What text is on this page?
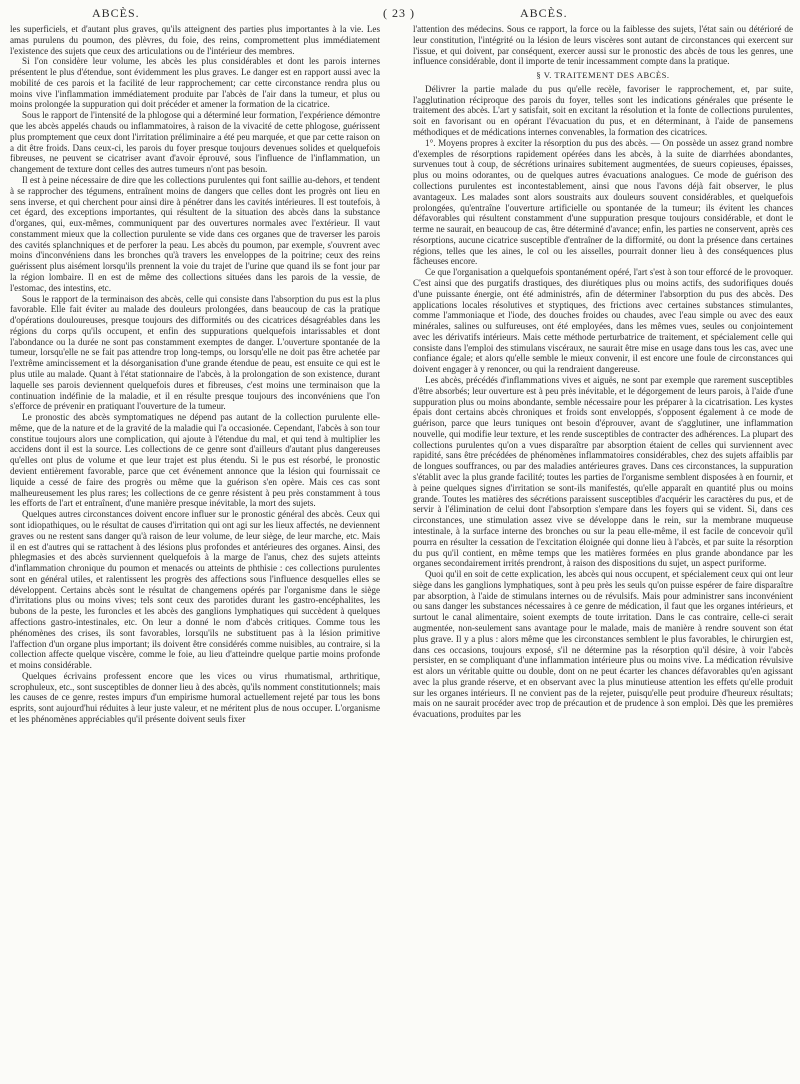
ABCÈS.	( 23 )	ABCÈS.

les superficiels, et d'autant plus graves, qu'ils atteignent des parties plus importantes à la vie. Les amas purulens du poumon, des plèvres, du foie, des reins, compromettent plus immédiatement l'existence des sujets que ceux des articulations ou de l'intérieur des membres.

Si l'on considère leur volume, les abcès les plus considérables et dont les parois internes présentent le plus d'étendue, sont évidemment les plus graves. Le danger est en rapport aussi avec la mobilité de ces parois et la facilité de leur rapprochement; car cette circonstance rendra plus ou moins vive l'inflammation immédiatement produite par l'abcès de l'air dans la tumeur, et plus ou moins prolongée la suppuration qui doit précéder et amener la formation de la cicatrice.

Sous le rapport de l'intensité de la phlogose qui a déterminé leur formation, l'expérience démontre que les abcès appelés chauds ou inflammatoires, à raison de la vivacité de cette phlogose, guérissent plus promptement que ceux dont l'irritation préliminaire a été peu marquée, et que par cette raison on a dit être froids. Dans ceux-ci, les parois du foyer presque toujours devenues solides et quelquefois fibreuses, ne peuvent se cicatriser avant d'avoir éprouvé, sous l'influence de l'inflammation, un changement de texture dont celles des autres tumeurs n'ont pas besoin.

Il est à peine nécessaire de dire que les collections purulentes qui font saillie au-dehors, et tendent à se rapprocher des tégumens, entraînent moins de dangers que celles dont les progrès ont lieu en sens inverse, et qui cherchent pour ainsi dire à pénétrer dans les cavités intérieures. Il est toutefois, à cet égard, des exceptions importantes, qui résultent de la situation des abcès dans la substance d'organes, qui, eux-mêmes, communiquent par des ouvertures normales avec l'extérieur. Il vaut constamment mieux que la collection purulente se vide dans ces organes que de traverser les parois des cavités splanchniques et de perforer la peau. Les abcès du poumon, par exemple, s'ouvrent avec moins d'inconvéniens dans les bronches qu'à travers les enveloppes de la poitrine; ceux des reins guérissent plus aisément lorsqu'ils prennent la voie du trajet de l'urine que quand ils se font jour par la région lombaire. Il en est de même des collections situées dans les parois de la vessie, de l'estomac, des intestins, etc.

Sous le rapport de la terminaison des abcès, celle qui consiste dans l'absorption du pus est la plus favorable. Elle fait éviter au malade des douleurs prolongées, dans beaucoup de cas la pratique d'opérations douloureuses, presque toujours des difformités ou des cicatrices désagréables dans les régions du corps qu'ils occupent, et enfin des suppurations quelquefois intarissables et dont l'abondance ou la durée ne sont pas constamment exemptes de danger. L'ouverture spontanée de la tumeur, lorsqu'elle ne se fait pas attendre trop long-temps, ou lorsqu'elle ne doit pas être achetée par l'extrême amincissement et la désorganisation d'une grande étendue de peau, est ensuite ce qui est le plus utile au malade. Quant à l'état stationnaire de l'abcès, à la prolongation de son existence, durant laquelle ses parois deviennent quelquefois dures et fibreuses, c'est moins une terminaison que la continuation indéfinie de la maladie, et il en résulte presque toujours des inconvéniens que l'on s'efforce de prévenir en pratiquant l'ouverture de la tumeur.

Le pronostic des abcès symptomatiques ne dépend pas autant de la collection purulente elle-même, que de la nature et de la gravité de la maladie qui l'a occasionée. Cependant, l'abcès à son tour constitue toujours alors une complication, qui ajoute à l'étendue du mal, et qui tend à multiplier les accidens dont il est la source. Les collections de ce genre sont d'ailleurs d'autant plus dangereuses qu'elles ont plus de volume et que leur trajet est plus étendu. Si le pus est résorbé, le pronostic devient entièrement favorable, parce que cet événement annonce que la lésion qui fournissait ce liquide a cessé de faire des progrès ou même que la guérison s'en opère. Mais ces cas sont malheureusement les plus rares; les collections de ce genre résistent à peu près constamment à tous les efforts de l'art et entraînent, d'une manière presque inévitable, la mort des sujets.

Quelques autres circonstances doivent encore influer sur le pronostic général des abcès. Ceux qui sont idiopathiques, ou le résultat de causes d'irritation qui ont agi sur les lieux affectés, ne deviennent graves ou ne restent sans danger qu'à raison de leur volume, de leur siège, de leur marche, etc. Mais il en est d'autres qui se rattachent à des lésions plus profondes et antérieures des organes. Ainsi, des phlegmasies et des abcès surviennent quelquefois à la marge de l'anus, chez des sujets atteints d'inflammation chronique du poumon et menacés ou atteints de phthisie : ces collections purulentes sont en général utiles, et ralentissent les progrès des affections sous l'influence desquelles elles se développent. Certains abcès sont le résultat de changemens opérés par l'organisme dans le siège d'irritations plus ou moins vives; tels sont ceux des parotides durant les gastro-encéphalites, les bubons de la peste, les furoncles et les abcès des ganglions lymphatiques qui succèdent à quelques affections gastro-intestinales, etc. On leur a donné le nom d'abcès critiques. Comme tous les phénomènes des crises, ils sont favorables, lorsqu'ils ne substituent pas à la lésion primitive l'affection d'un organe plus important; ils doivent être considérés comme nuisibles, au contraire, si la collection affecte quelque viscère, comme le foie, au lieu d'atteindre quelque partie moins profonde et moins considérable.

Quelques écrivains professent encore que les vices ou virus rhumatismal, arthritique, scrophuleux, etc., sont susceptibles de donner lieu à des abcès, qu'ils nomment constitutionnels; mais les causes de ce genre, restes impurs d'un empirisme humoral actuellement rejeté par tous les bons esprits, sont aujourd'hui réduites à leur juste valeur, et ne méritent plus de nous occuper. L'organisme et les phénomènes appréciables qu'il présente doivent seuls fixer

l'attention des médecins. Sous ce rapport, la force ou la faiblesse des sujets, l'état sain ou détérioré de leur constitution, l'intégrité ou la lésion de leurs viscères sont autant de circonstances qui exercent sur l'issue, et qui doivent, par conséquent, exercer aussi sur le pronostic des abcès de tous les genres, une influence considérable, dont il importe de tenir incessamment compte dans la pratique.

§ V. TRAITEMENT DES ABCÈS.

Délivrer la partie malade du pus qu'elle recèle, favoriser le rapprochement, et, par suite, l'agglutination réciproque des parois du foyer, telles sont les indications générales que présente le traitement des abcès. L'art y satisfait, soit en excitant la résolution et la fonte de collections purulentes, soit en favorisant ou en opérant l'évacuation du pus, et en déterminant, à l'aide de pansemens méthodiques et de médications internes convenables, la formation des cicatrices.

1°. Moyens propres à exciter la résorption du pus des abcès. — On possède un assez grand nombre d'exemples de résorptions rapidement opérées dans les abcès, à la suite de diarrhées abondantes, survenues tout à coup, de sécrétions urinaires subitement augmentées, de sueurs copieuses, épaisses, plus ou moins odorantes, ou de quelques autres évacuations analogues. Ce mode de guérison des collections purulentes est incontestablement, ainsi que nous l'avons déjà fait observer, le plus avantageux. Les malades sont alors soustraits aux douleurs souvent considérables, et quelquefois prolongées, qu'entraîne l'ouverture artificielle ou spontanée de la tumeur; ils évitent les chances défavorables qui résultent constamment d'une suppuration presque toujours considérable, et dont le terme ne saurait, en beaucoup de cas, être déterminé d'avance; enfin, les parties ne conservent, après ces résorptions, aucune cicatrice susceptible d'entraîner de la difformité, ou dont la présence dans certaines régions, telles que les aines, le col ou les aisselles, pourrait donner lieu à des conséquences plus fâcheuses encore.

Ce que l'organisation a quelquefois spontanément opéré, l'art s'est à son tour efforcé de le provoquer. C'est ainsi que des purgatifs drastiques, des diurétiques plus ou moins actifs, des sudorifiques doués d'une puissante énergie, ont été administrés, afin de déterminer l'absorption du pus des abcès. Des applications locales résolutives et styptiques, des frictions avec certaines substances stimulantes, comme l'ammoniaque et l'iode, des douches froides ou chaudes, avec l'eau simple ou avec des eaux minérales, salines ou sulfureuses, ont été employées, dans les mêmes vues, seules ou conjointement avec les dérivatifs intérieurs. Mais cette méthode perturbatrice de traitement, et spécialement celle qui consiste dans l'emploi des stimulans viscéraux, ne saurait être mise en usage dans tous les cas, avec une confiance égale; et alors qu'elle semble le mieux convenir, il est encore une foule de circonstances qui doivent engager à y renoncer, ou qui la rendraient dangereuse.

Les abcès, précédés d'inflammations vives et aiguës, ne sont par exemple que rarement susceptibles d'être absorbés; leur ouverture est à peu près inévitable, et le dégorgement de leurs parois, à l'aide d'une suppuration plus ou moins abondante, semble nécessaire pour les préparer à la cicatrisation. Les kystes épais dont certains abcès chroniques et froids sont enveloppés, s'opposent également à ce mode de guérison, parce que leurs tuniques ont besoin d'éprouver, avant de s'agglutiner, une inflammation nouvelle, qui modifie leur texture, et les rende susceptibles de contracter des adhérences. La plupart des collections purulentes qu'on a vues disparaître par absorption étaient de celles qui surviennent avec rapidité, sans être précédées de phénomènes inflammatoires considérables, chez des sujets affaiblis par de longues souffrances, ou par des maladies antérieures graves. Dans ces circonstances, la suppuration s'établit avec la plus grande facilité; toutes les parties de l'organisme semblent disposées à en fournir, et à peine quelques signes d'irritation se sont-ils manifestés, qu'elle apparaît en quantité plus ou moins grande. Toutes les matières des sécrétions paraissent susceptibles d'acquérir les caractères du pus, et de servir à l'élimination de celui dont l'absorption s'empare dans les foyers qui se vident. Si, dans ces circonstances, une stimulation assez vive se développe dans le rein, sur la membrane muqueuse intestinale, à la surface interne des bronches ou sur la peau elle-même, il est facile de concevoir qu'il pourra en résulter la cessation de l'excitation éloignée qui donne lieu à l'abcès, et par suite la résorption du pus qu'il contient, en même temps que les matières formées en plus grande abondance par les organes secondairement irrités prendront, à raison des dispositions du sujet, un aspect puriforme.

Quoi qu'il en soit de cette explication, les abcès qui nous occupent, et spécialement ceux qui ont leur siège dans les ganglions lymphatiques, sont à peu près les seuls qu'on puisse espérer de faire disparaître par absorption, à l'aide de stimulans internes ou de révulsifs. Mais pour administrer sans inconvénient ou sans danger les substances nécessaires à ce genre de médication, il faut que les organes intérieurs, et surtout le canal alimentaire, soient exempts de toute irritation. Dans le cas contraire, celle-ci serait augmentée, non-seulement sans avantage pour le malade, mais de manière à rendre souvent son état plus grave. Il y a plus : alors même que les circonstances semblent le plus favorables, le chirurgien est, dans ces occasions, toujours exposé, s'il ne détermine pas la résorption qu'il désire, à voir l'abcès persister, en se compliquant d'une inflammation intérieure plus ou moins vive. La médication révulsive est alors un véritable quitte ou double, dont on ne peut écarter les chances défavorables qu'en agissant avec la plus grande réserve, et en observant avec la plus minutieuse attention les effets qu'elle produit sur les organes intérieurs. Il ne convient pas de la rejeter, puisqu'elle peut produire d'heureux résultats; mais on ne saurait procéder avec trop de précaution et de prudence à son emploi. Dès que les premières évacuations, produites par les
